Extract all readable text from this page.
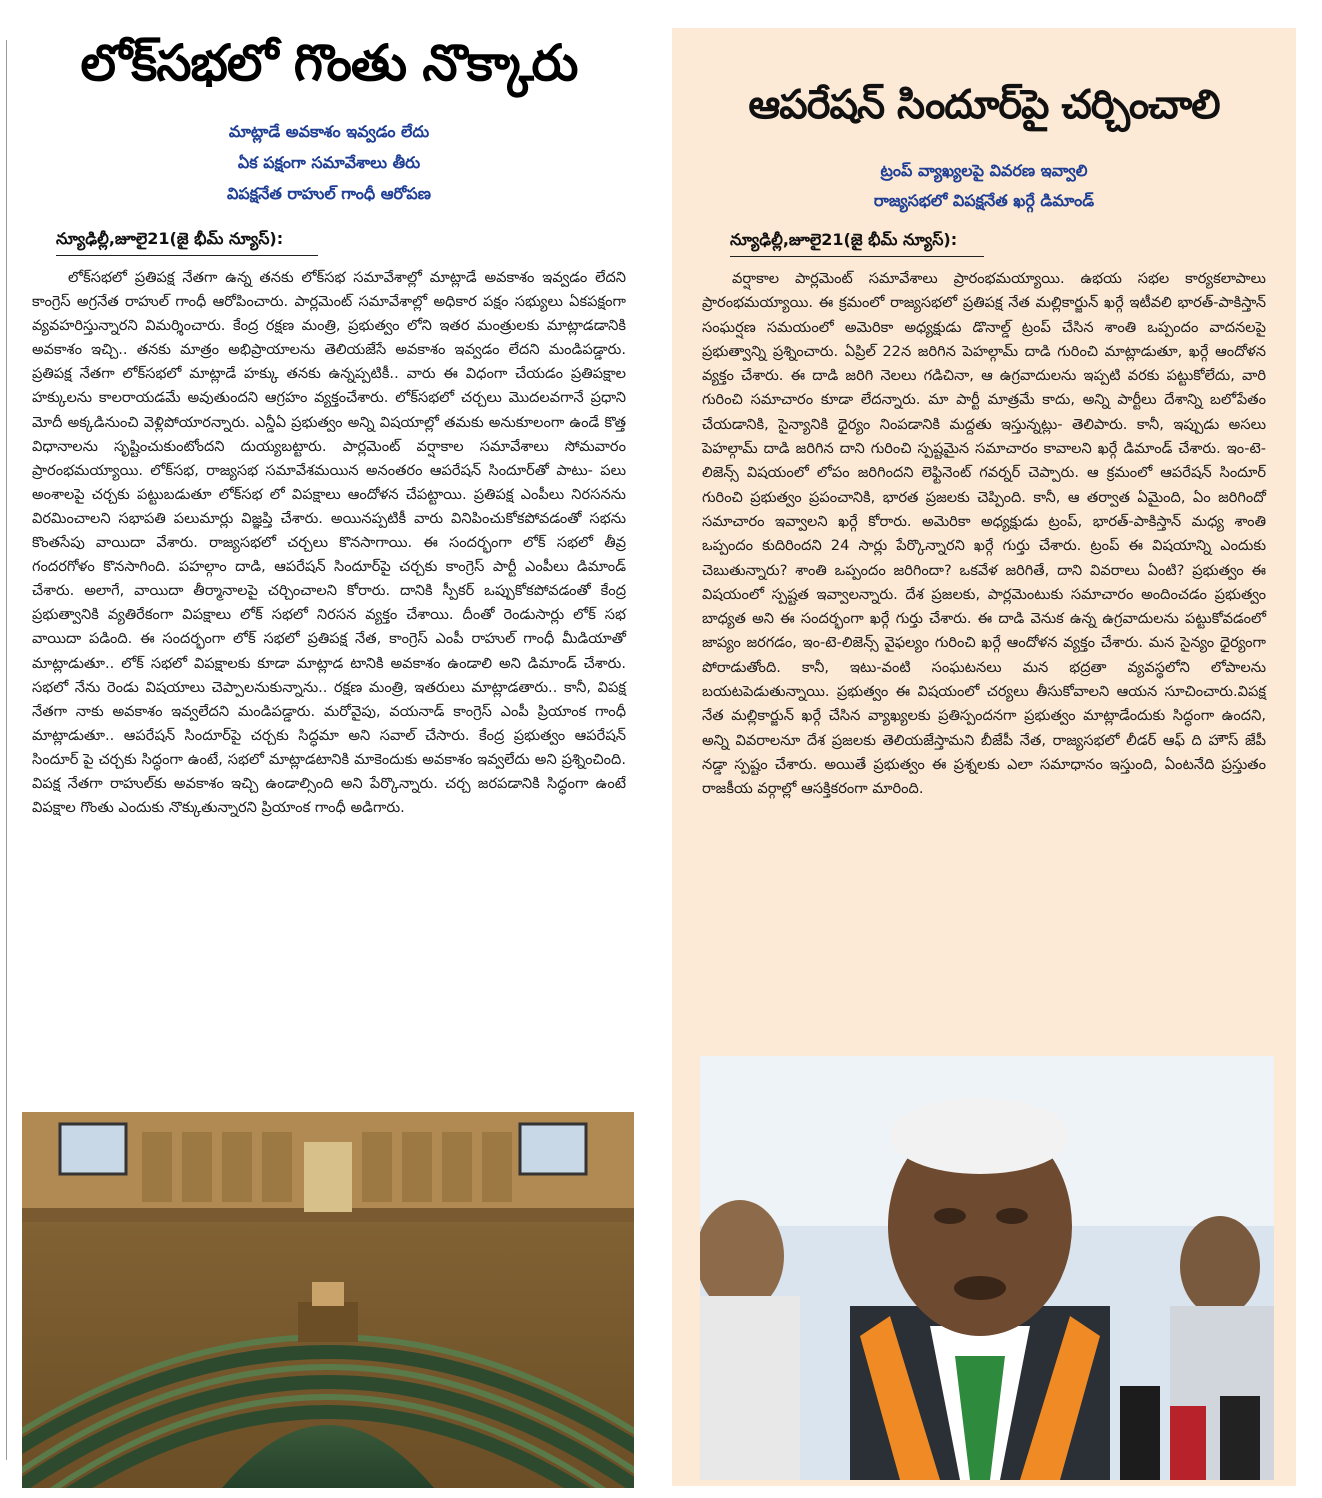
లోక్‌సభలో గొంతు నొక్కారు
మాట్లాడే అవకాశం ఇవ్వడం లేదు
ఏక పక్షంగా సమావేశాలు తీరు
విపక్షనేత రాహుల్ గాంధీ ఆరోపణ
న్యూఢిల్లీ,జూలై21(జై భీమ్ న్యూస్):
లోక్‌సభలో ప్రతిపక్ష నేతగా ఉన్న తనకు లోక్‌సభ సమావేశాల్లో మాట్లాడే అవకాశం ఇవ్వడం లేదని కాంగ్రెస్ అగ్రనేత రాహుల్ గాంధీ ఆరోపించారు. పార్లమెంట్ సమావేశాల్లో అధికార పక్షం సభ్యులు ఏకపక్షంగా వ్యవహరిస్తున్నారని విమర్శించారు. కేంద్ర రక్షణ మంత్రి, ప్రభుత్వం లోని ఇతర మంత్రులకు మాట్లాడడానికి అవకాశం ఇచ్చి.. తనకు మాత్రం అభిప్రాయాలను తెలియజేసే అవకాశం ఇవ్వడం లేదని మండిపడ్డారు. ప్రతిపక్ష నేతగా లోక్‌సభలో మాట్లాడే హక్కు తనకు ఉన్నప్పటికీ.. వారు ఈ విధంగా చేయడం ప్రతిపక్షాల హక్కులను కాలరాయడమే అవుతుందని ఆగ్రహం వ్యక్తంచేశారు. లోక్‌సభలో చర్చలు మొదలవగానే ప్రధాని మోదీ అక్కడినుంచి వెళ్లిపోయారన్నారు. ఎన్డీఏ ప్రభుత్వం అన్ని విషయాల్లో తమకు అనుకూలంగా ఉండే కొత్త విధానాలను సృష్టించుకుంటోందని దుయ్యబట్టారు. పార్లమెంట్ వర్షాకాల సమావేశాలు సోమవారం ప్రారంభమయ్యాయి. లోక్‌సభ, రాజ్యసభ సమావేశమయిన అనంతరం ఆపరేషన్ సిందూర్‌తో పాటు- పలు అంశాలపై చర్చకు పట్టుబడుతూ లోక్‌సభ లో విపక్షాలు ఆందోళన చేపట్టాయి. ప్రతిపక్ష ఎంపీలు నిరసనను విరమించాలని సభాపతి పలుమార్లు విజ్ఞప్తి చేశారు. అయినప్పటికీ వారు వినిపించుకోకపోవడంతో సభను కొంతసేపు వాయిదా వేశారు. రాజ్యసభలో చర్చలు కొనసాగాయి. ఈ సందర్భంగా లోక్ సభలో తీవ్ర గందరగోళం కొనసాగింది. పహల్గాం దాడి, ఆపరేషన్ సిందూర్‌పై చర్చకు కాంగ్రెస్ పార్టీ ఎంపీలు డిమాండ్ చేశారు. అలాగే, వాయిదా తీర్మానాలపై చర్చించాలని కోరారు. దానికి స్పీకర్ ఒప్పుకోకపోవడంతో కేంద్ర ప్రభుత్వానికి వ్యతిరేకంగా విపక్షాలు లోక్ సభలో నిరసన వ్యక్తం చేశాయి. దీంతో రెండుసార్లు లోక్ సభ వాయిదా పడింది. ఈ సందర్భంగా లోక్ సభలో ప్రతిపక్ష నేత, కాంగ్రెస్ ఎంపీ రాహుల్ గాంధీ మీడియాతో మాట్లాడుతూ.. లోక్ సభలో విపక్షాలకు కూడా మాట్లాడ టానికి అవకాశం ఉండాలి అని డిమాండ్ చేశారు. సభలో నేను రెండు విషయాలు చెప్పాలనుకున్నాను.. రక్షణ మంత్రి, ఇతరులు మాట్లాడతారు.. కానీ, విపక్ష నేతగా నాకు అవకాశం ఇవ్వలేదని మండిపడ్డారు. మరోవైపు, వయనాడ్ కాంగ్రెస్ ఎంపీ ప్రియాంక గాంధీ మాట్లాడుతూ.. ఆపరేషన్ సిందూర్‌పై చర్చకు సిద్ధమా అని సవాల్ చేసారు. కేంద్ర ప్రభుత్వం ఆపరేషన్ సిందూర్ పై చర్చకు సిద్ధంగా ఉంటే, సభలో మాట్లాడటానికి మాకెందుకు అవకాశం ఇవ్వలేదు అని ప్రశ్నించింది. విపక్ష నేతగా రాహుల్‌కు అవకాశం ఇచ్చి ఉండాల్సింది అని పేర్కొన్నారు. చర్చ జరపడానికి సిద్ధంగా ఉంటే విపక్షాల గొంతు ఎందుకు నొక్కుతున్నారని ప్రియాంక గాంధీ అడిగారు.
ఆపరేషన్ సిందూర్‌పై చర్చించాలి
ట్రంప్ వ్యాఖ్యలపై వివరణ ఇవ్వాలి
రాజ్యసభలో విపక్షనేత ఖర్గే డిమాండ్
న్యూఢిల్లీ,జూలై21(జై భీమ్ న్యూస్):
వర్షాకాల పార్లమెంట్ సమావేశాలు ప్రారంభమయ్యాయి. ఉభయ సభల కార్యకలాపాలు ప్రారంభమయ్యాయి. ఈ క్రమంలో రాజ్యసభలో ప్రతిపక్ష నేత మల్లికార్జున్ ఖర్గే ఇటీవలి భారత్-పాకిస్తాన్ సంఘర్షణ సమయంలో అమెరికా అధ్యక్షుడు డొనాల్డ్ ట్రంప్ చేసిన శాంతి ఒప్పందం వాదనలపై ప్రభుత్వాన్ని ప్రశ్నించారు. ఏప్రిల్ 22న జరిగిన పెహల్గామ్ దాడి గురించి మాట్లాడుతూ, ఖర్గే ఆందోళన వ్యక్తం చేశారు. ఈ దాడి జరిగి నెలలు గడిచినా, ఆ ఉగ్రవాదులను ఇప్పటి వరకు పట్టుకోలేదు, వారి గురించి సమాచారం కూడా లేదన్నారు. మా పార్టీ మాత్రమే కాదు, అన్ని పార్టీలు దేశాన్ని బలోపేతం చేయడానికి, సైన్యానికి ధైర్యం నింపడానికి మద్దతు ఇస్తున్నట్లు- తెలిపారు. కానీ, ఇప్పుడు అసలు పెహల్గామ్ దాడి జరిగిన దాని గురించి స్పష్టమైన సమాచారం కావాలని ఖర్గే డిమాండ్ చేశారు. ఇం-టె-లిజెన్స్ విషయంలో లోపం జరిగిందని లెఫ్టినెంట్ గవర్నర్ చెప్పారు. ఆ క్రమంలో ఆపరేషన్ సిందూర్ గురించి ప్రభుత్వం ప్రపంచానికి, భారత ప్రజలకు చెప్పింది. కానీ, ఆ తర్వాత ఏమైంది, ఏం జరిగిందో సమాచారం ఇవ్వాలని ఖర్గే కోరారు. అమెరికా అధ్యక్షుడు ట్రంప్, భారత్-పాకిస్తాన్ మధ్య శాంతి ఒప్పందం కుదిరిందని 24 సార్లు పేర్కొన్నారని ఖర్గే గుర్తు చేశారు. ట్రంప్ ఈ విషయాన్ని ఎందుకు చెబుతున్నారు? శాంతి ఒప్పందం జరిగిందా? ఒకవేళ జరిగితే, దాని వివరాలు ఏంటి? ప్రభుత్వం ఈ విషయంలో స్పష్టత ఇవ్వాలన్నారు. దేశ ప్రజలకు, పార్లమెంటుకు సమాచారం అందించడం ప్రభుత్వం బాధ్యత అని ఈ సందర్భంగా ఖర్గే గుర్తు చేశారు. ఈ దాడి వెనుక ఉన్న ఉగ్రవాదులను పట్టుకోవడంలో జాప్యం జరగడం, ఇం-టె-లిజెన్స్ వైఫల్యం గురించి ఖర్గే ఆందోళన వ్యక్తం చేశారు. మన సైన్యం ధైర్యంగా పోరాడుతోంది. కానీ, ఇటు-వంటి సంఘటనలు మన భద్రతా వ్యవస్థలోని లోపాలను బయటపెడుతున్నాయి. ప్రభుత్వం ఈ విషయంలో చర్యలు తీసుకోవాలని ఆయన సూచించారు.విపక్ష నేత మల్లికార్జున్ ఖర్గే చేసిన వ్యాఖ్యలకు ప్రతిస్పందనగా ప్రభుత్వం మాట్లాడేందుకు సిద్ధంగా ఉందని, అన్ని వివరాలనూ దేశ ప్రజలకు తెలియజేస్తామని బీజేపీ నేత, రాజ్యసభలో లీడర్ ఆఫ్ ది హౌస్ జేపీ నడ్డా స్పష్టం చేశారు. అయితే ప్రభుత్వం ఈ ప్రశ్నలకు ఎలా సమాధానం ఇస్తుంది, ఏంటనేది ప్రస్తుతం రాజకీయ వర్గాల్లో ఆసక్తికరంగా మారింది.
